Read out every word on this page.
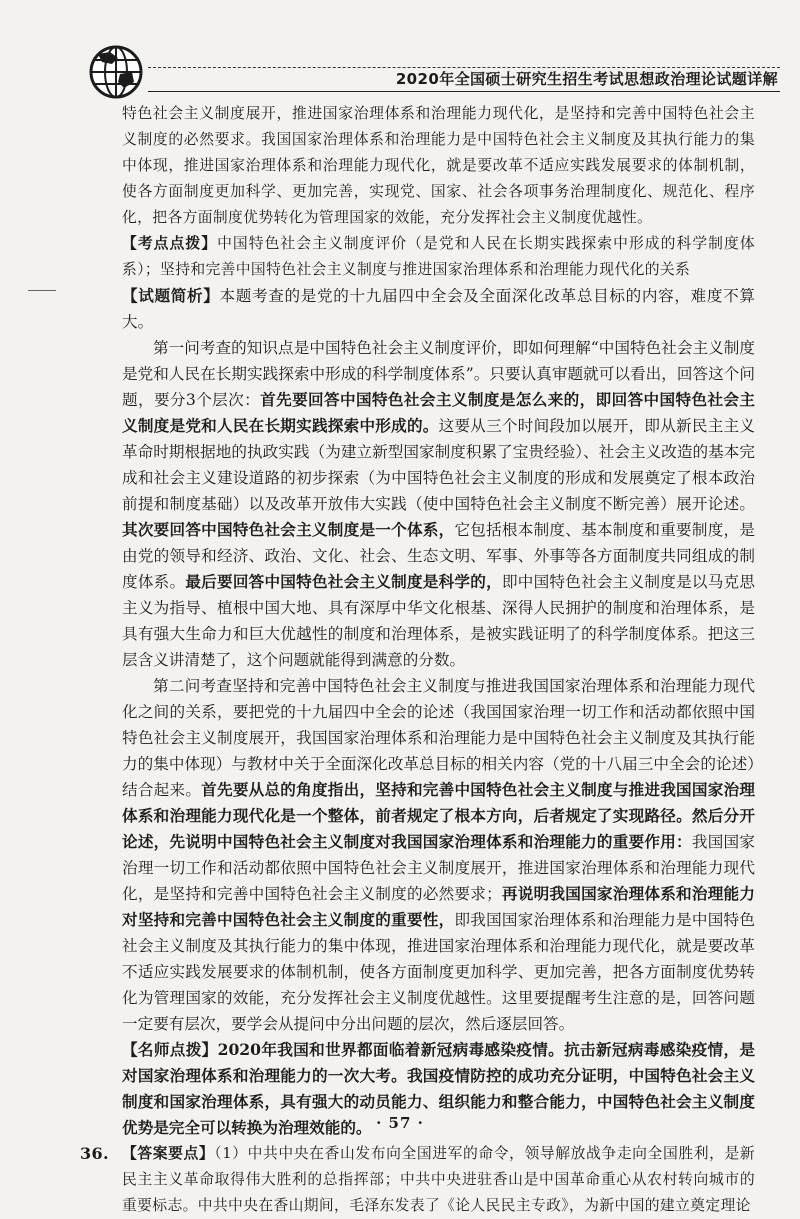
2020年全国硕士研究生招生考试思想政治理论试题详解

特色社会主义制度展开，推进国家治理体系和治理能力现代化，是坚持和完善中国特色社会主义制度的必然要求。我国国家治理体系和治理能力是中国特色社会主义制度及其执行能力的集中体现，推进国家治理体系和治理能力现代化，就是要改革不适应实践发展要求的体制机制，使各方面制度更加科学、更加完善，实现党、国家、社会各项事务治理制度化、规范化、程序化，把各方面制度优势转化为管理国家的效能，充分发挥社会主义制度优越性。

【考点点拨】中国特色社会主义制度评价（是党和人民在长期实践探索中形成的科学制度体系）；坚持和完善中国特色社会主义制度与推进国家治理体系和治理能力现代化的关系

【试题简析】本题考查的是党的十九届四中全会及全面深化改革总目标的内容，难度不算大。

第一问考查的知识点是中国特色社会主义制度评价，即如何理解“中国特色社会主义制度是党和人民在长期实践探索中形成的科学制度体系”。只要认真审题就可以看出，回答这个问题，要分3个层次：首先要回答中国特色社会主义制度是怎么来的，即回答中国特色社会主义制度是党和人民在长期实践探索中形成的。这要从三个时间段加以展开，即从新民主主义革命时期根据地的执政实践（为建立新型国家制度积累了宝贵经验）、社会主义改造的基本完成和社会主义建设道路的初步探索（为中国特色社会主义制度的形成和发展奠定了根本政治前提和制度基础）以及改革开放伟大实践（使中国特色社会主义制度不断完善）展开论述。其次要回答中国特色社会主义制度是一个体系，它包括根本制度、基本制度和重要制度，是由党的领导和经济、政治、文化、社会、生态文明、军事、外事等各方面制度共同组成的制度体系。最后要回答中国特色社会主义制度是科学的，即中国特色社会主义制度是以马克思主义为指导、植根中国大地、具有深厚中华文化根基、深得人民拥护的制度和治理体系，是具有强大生命力和巨大优越性的制度和治理体系，是被实践证明了的科学制度体系。把这三层含义讲清楚了，这个问题就能得到满意的分数。

第二问考查坚持和完善中国特色社会主义制度与推进我国国家治理体系和治理能力现代化之间的关系，要把党的十九届四中全会的论述（我国国家治理一切工作和活动都依照中国特色社会主义制度展开，我国国家治理体系和治理能力是中国特色社会主义制度及其执行能力的集中体现）与教材中关于全面深化改革总目标的相关内容（党的十八届三中全会的论述）结合起来。首先要从总的角度指出，坚持和完善中国特色社会主义制度与推进我国国家治理体系和治理能力现代化是一个整体，前者规定了根本方向，后者规定了实现路径。然后分开论述，先说明中国特色社会主义制度对我国国家治理体系和治理能力的重要作用：我国国家治理一切工作和活动都依照中国特色社会主义制度展开，推进国家治理体系和治理能力现代化，是坚持和完善中国特色社会主义制度的必然要求；再说明我国国家治理体系和治理能力对坚持和完善中国特色社会主义制度的重要性，即我国国家治理体系和治理能力是中国特色社会主义制度及其执行能力的集中体现，推进国家治理体系和治理能力现代化，就是要改革不适应实践发展要求的体制机制，使各方面制度更加科学、更加完善，把各方面制度优势转化为管理国家的效能，充分发挥社会主义制度优越性。这里要提醒考生注意的是，回答问题一定要有层次，要学会从提问中分出问题的层次，然后逐层回答。

【名师点拨】2020年我国和世界都面临着新冠病毒感染疫情。抗击新冠病毒感染疫情，是对国家治理体系和治理能力的一次大考。我国疫情防控的成功充分证明，中国特色社会主义制度和国家治理体系，具有强大的动员能力、组织能力和整合能力，中国特色社会主义制度优势是完全可以转换为治理效能的。

36. 【答案要点】（1）中共中央在香山发布向全国进军的命令，领导解放战争走向全国胜利，是新民主主义革命取得伟大胜利的总指挥部；中共中央进驻香山是中国革命重心从农村转向城市的重要标志。中共中央在香山期间，毛泽东发表了《论人民民主专政》，为新中国的建立奠定理论

· 57 ·
